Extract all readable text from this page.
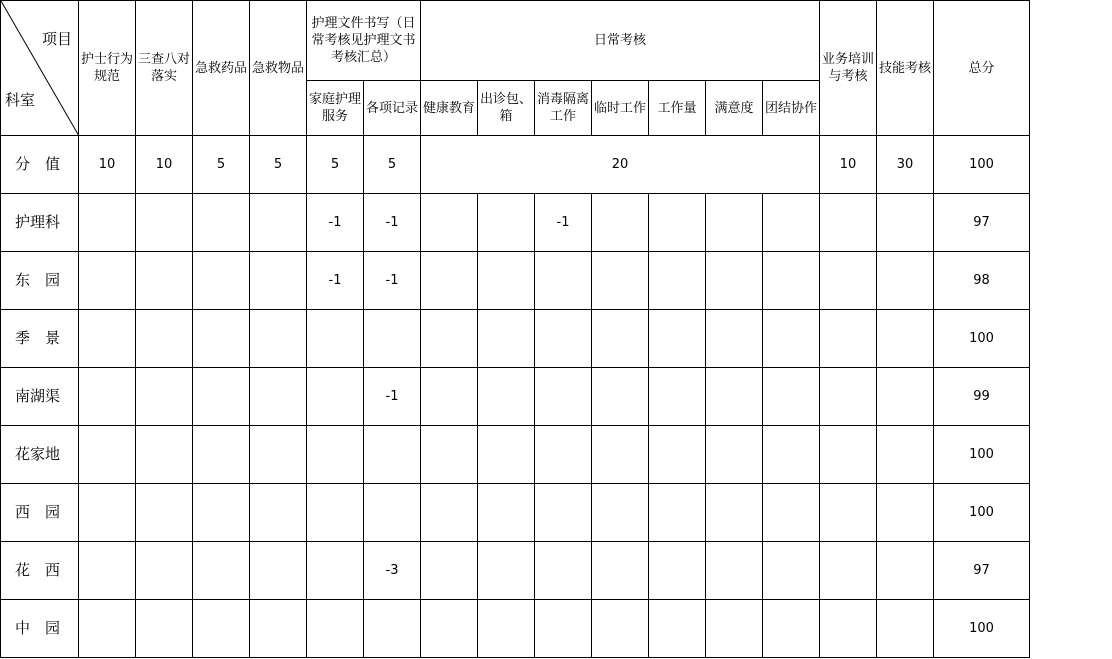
项目
科室	护士行为规范	三查八对落实	急救药品	急救物品	护理文件书写（日常考核见护理文书考核汇总）		日常考核							业务培训与考核	技能考核	总分
					家庭护理服务	各项记录	健康教育	出诊包、箱	消毒隔离工作	临时工作	工作量	满意度	团结协作			
分　值	10	10	5	5	5	5	20							10	30	100
护理科					-1	-1			-1							97
东　园					-1	-1										98
季　景																100
南湖渠						-1										99
花家地																100
西　园																100
花　西						-3										97
中　园																100
